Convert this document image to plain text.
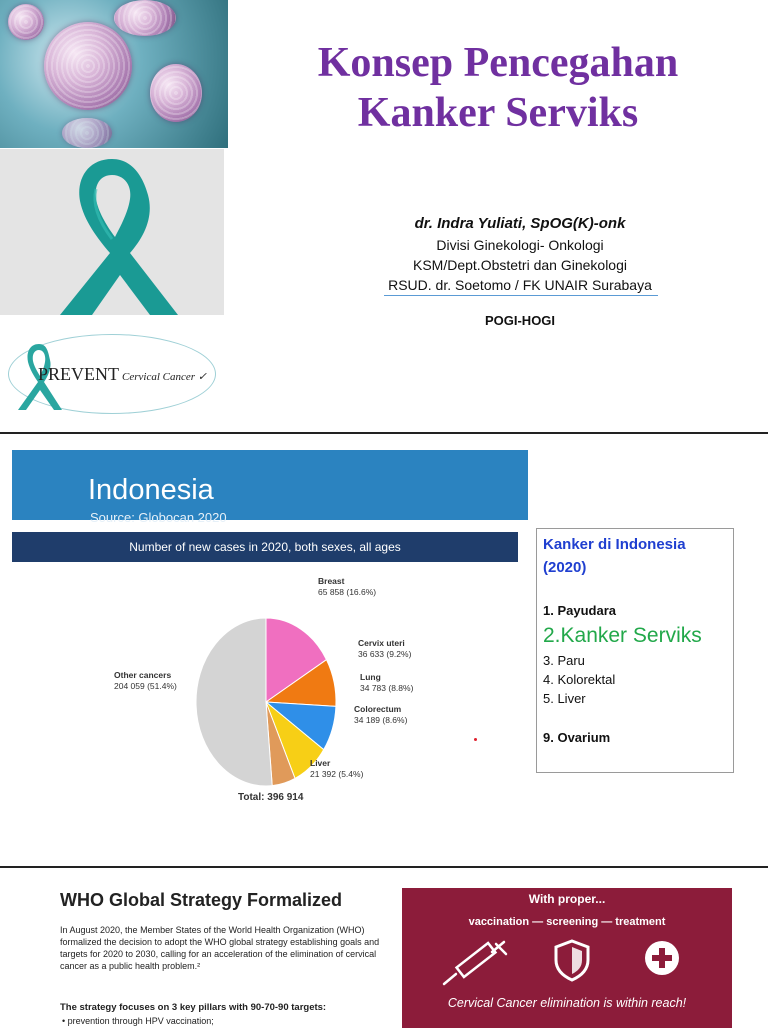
PREVENT Cervical Cancer ✓
Konsep Pencegahan
Kanker Serviks
dr. Indra Yuliati, SpOG(K)-onk
Divisi Ginekologi- Onkologi
KSM/Dept.Obstetri dan Ginekologi
RSUD. dr. Soetomo / FK UNAIR Surabaya
POGI-HOGI
Indonesia
Source: Globocan 2020
Number of new cases in 2020, both sexes, all ages
Total: 396 914
Kanker di Indonesia
(2020)
1. Payudara
2.Kanker Serviks
3. Paru
4. Kolorektal
5. Liver
9. Ovarium
WHO Global Strategy Formalized
In August 2020, the Member States of the World Health Organization (WHO) formalized the decision to adopt the WHO global strategy establishing goals and targets for 2020 to 2030, calling for an acceleration of the elimination of cervical cancer as a public health problem.²
The strategy focuses on 3 key pillars with 90-70-90 targets:
• prevention through HPV vaccination;
With proper...
vaccination — screening — treatment
Cervical Cancer elimination is within reach!
Breast
65 858 (16.6%)
Cervix uteri
36 633 (9.2%)
Lung
34 783 (8.8%)
Colorectum
34 189 (8.6%)
Liver
21 392 (5.4%)
Other cancers
204 059 (51.4%)
